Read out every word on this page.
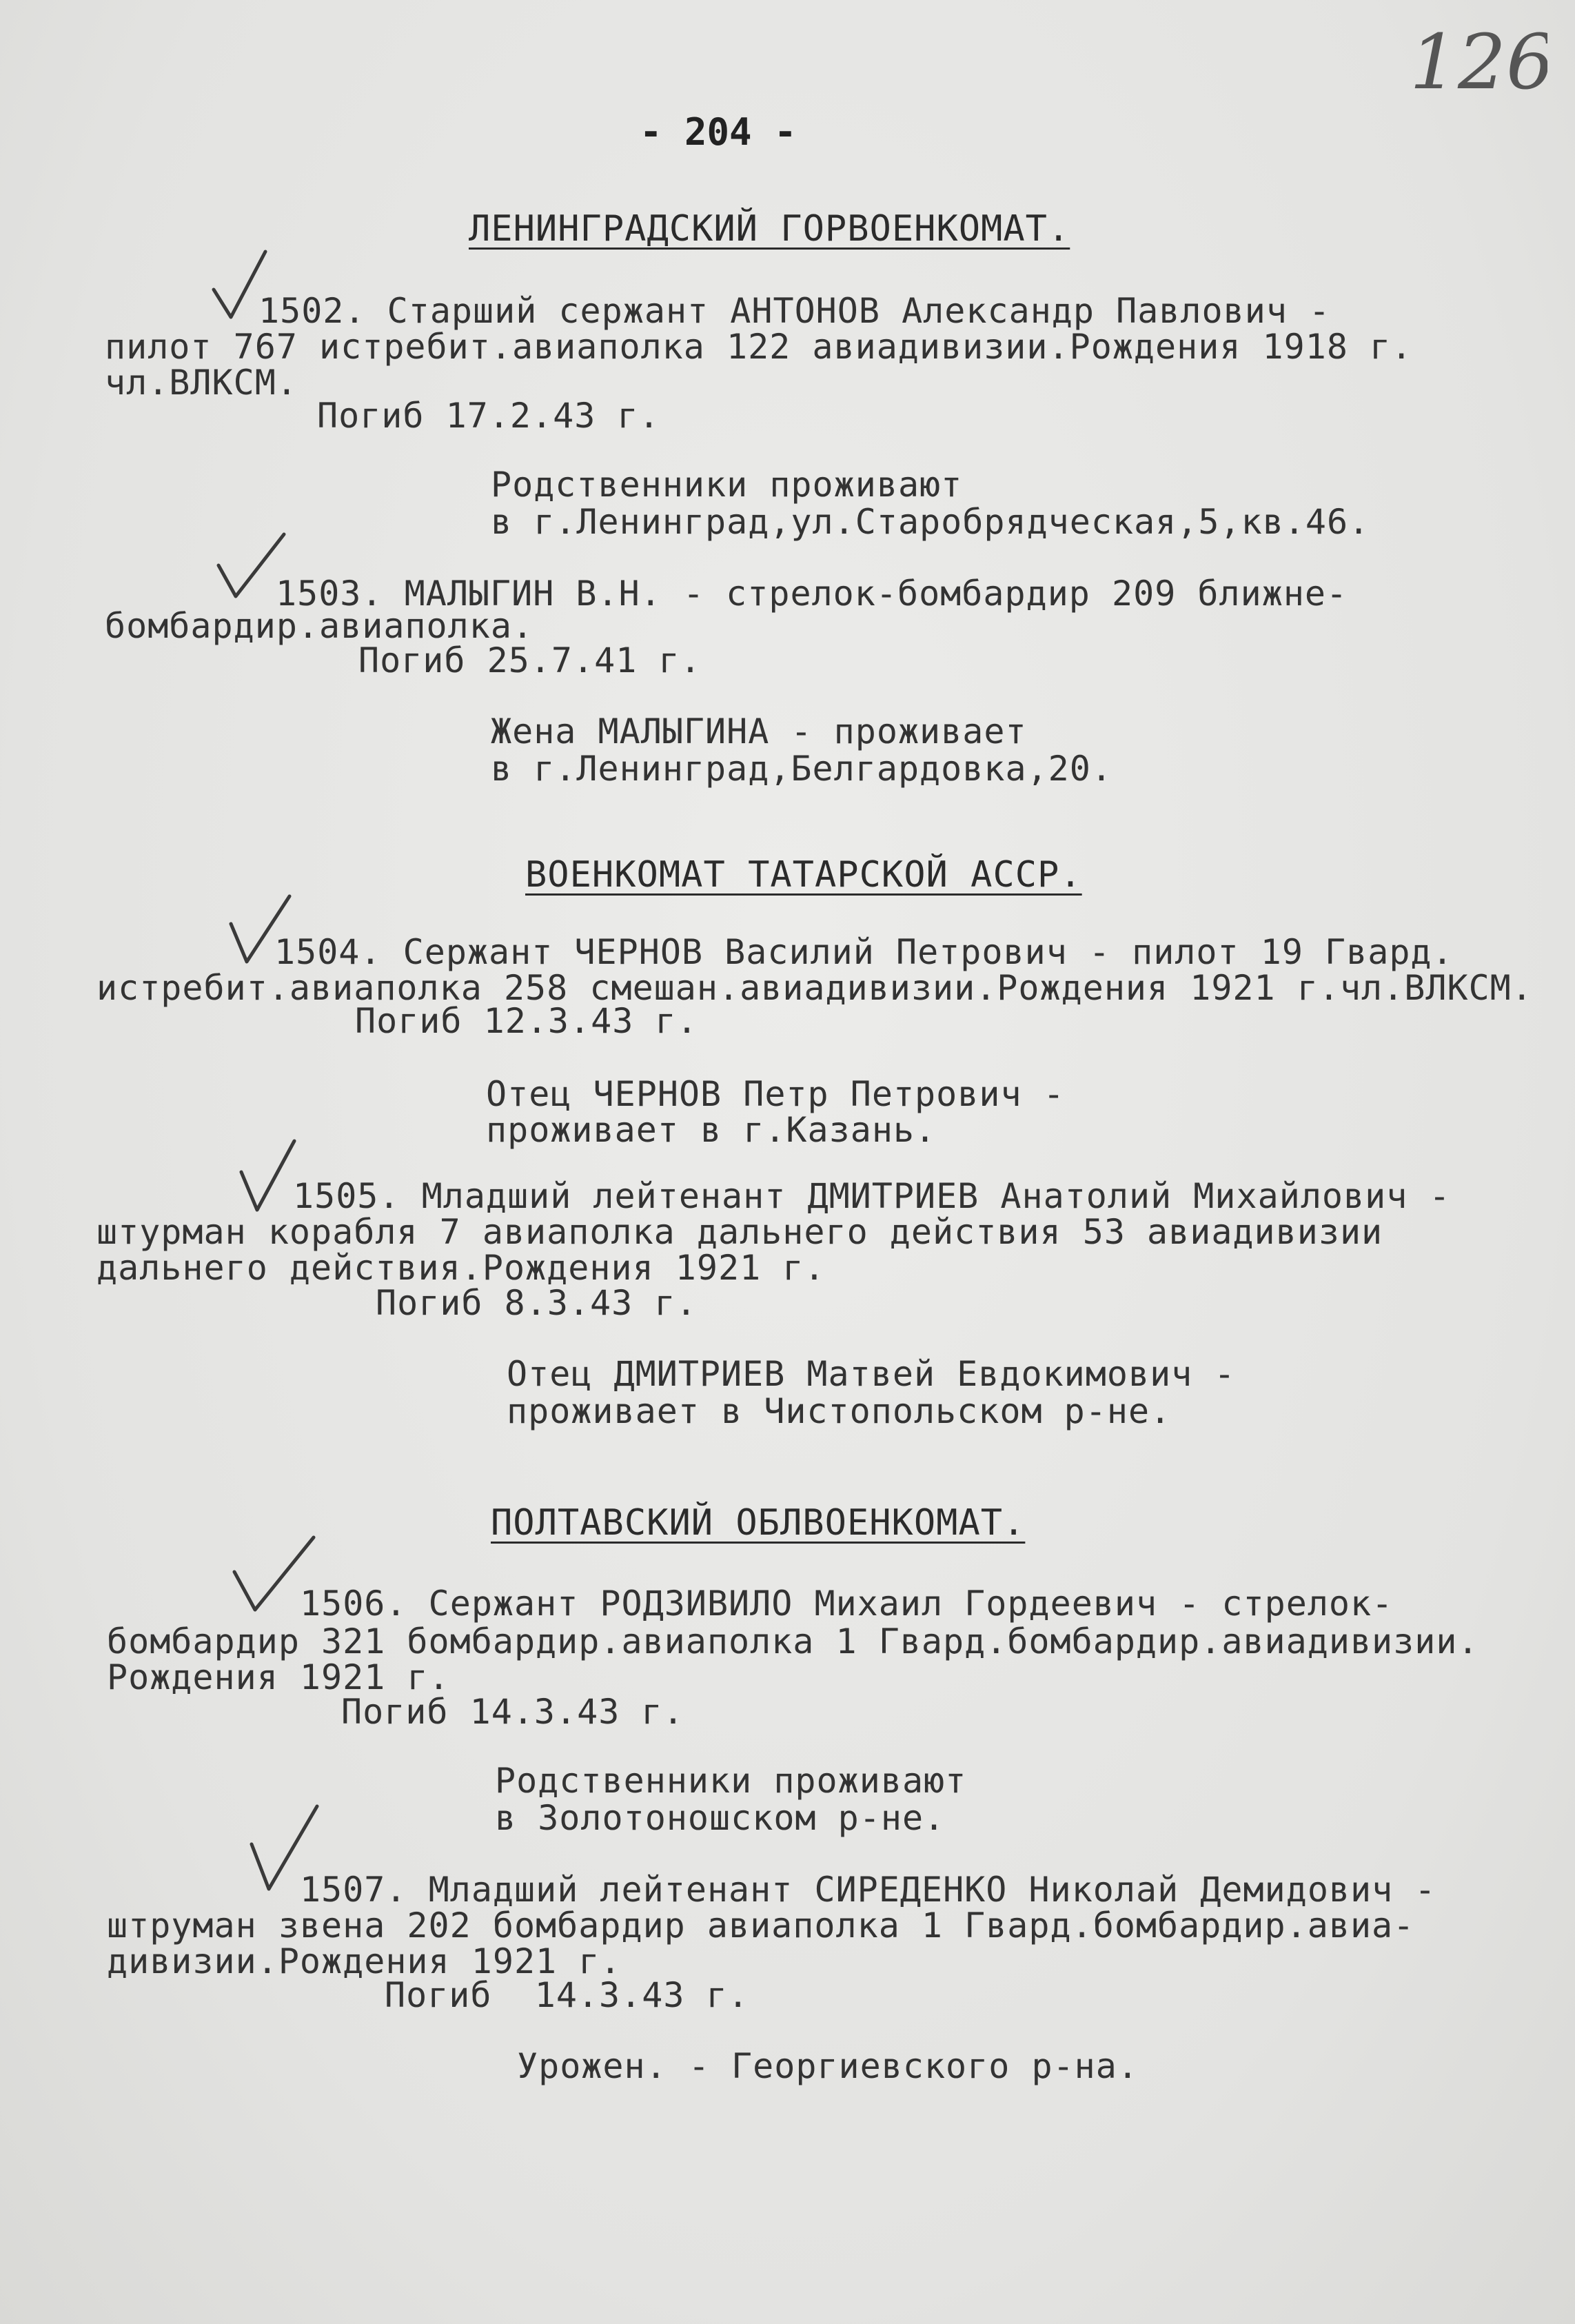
126
- 204 -
ЛЕНИНГРАДСКИЙ ГОРВОЕНКОМАТ.
1502. Старший сержант АНТОНОВ Александр Павлович -
пилот 767 истребит.авиаполка 122 авиадивизии.Рождения 1918 г.
чл.ВЛКСМ.
Погиб 17.2.43 г.
Родственники проживают
в г.Ленинград,ул.Старобрядческая,5,кв.46.
1503. МАЛЫГИН В.Н. - стрелок-бомбардир 209 ближне-
бомбардир.авиаполка.
Погиб 25.7.41 г.
Жена МАЛЫГИНА - проживает
в г.Ленинград,Белгардовка,20.
ВОЕНКОМАТ ТАТАРСКОЙ АССР.
1504. Сержант ЧЕРНОВ Василий Петрович - пилот 19 Гвард.
истребит.авиаполка 258 смешан.авиадивизии.Рождения 1921 г.чл.ВЛКСМ.
Погиб 12.3.43 г.
Отец ЧЕРНОВ Петр Петрович -
проживает в г.Казань.
1505. Младший лейтенант ДМИТРИЕВ Анатолий Михайлович -
штурман корабля 7 авиаполка дальнего действия 53 авиадивизии
дальнего действия.Рождения 1921 г.
Погиб 8.3.43 г.
Отец ДМИТРИЕВ Матвей Евдокимович -
проживает в Чистопольском р-не.
ПОЛТАВСКИЙ ОБЛВОЕНКОМАТ.
1506. Сержант РОДЗИВИЛО Михаил Гордеевич - стрелок-
бомбардир 321 бомбардир.авиаполка 1 Гвард.бомбардир.авиадивизии.
Рождения 1921 г.
Погиб 14.3.43 г.
Родственники проживают
в Золотоношском р-не.
1507. Младший лейтенант СИРЕДЕНКО Николай Демидович -
штруман звена 202 бомбардир авиаполка 1 Гвард.бомбардир.авиа-
дивизии.Рождения 1921 г.
Погиб  14.3.43 г.
Урожен. - Георгиевского р-на.
